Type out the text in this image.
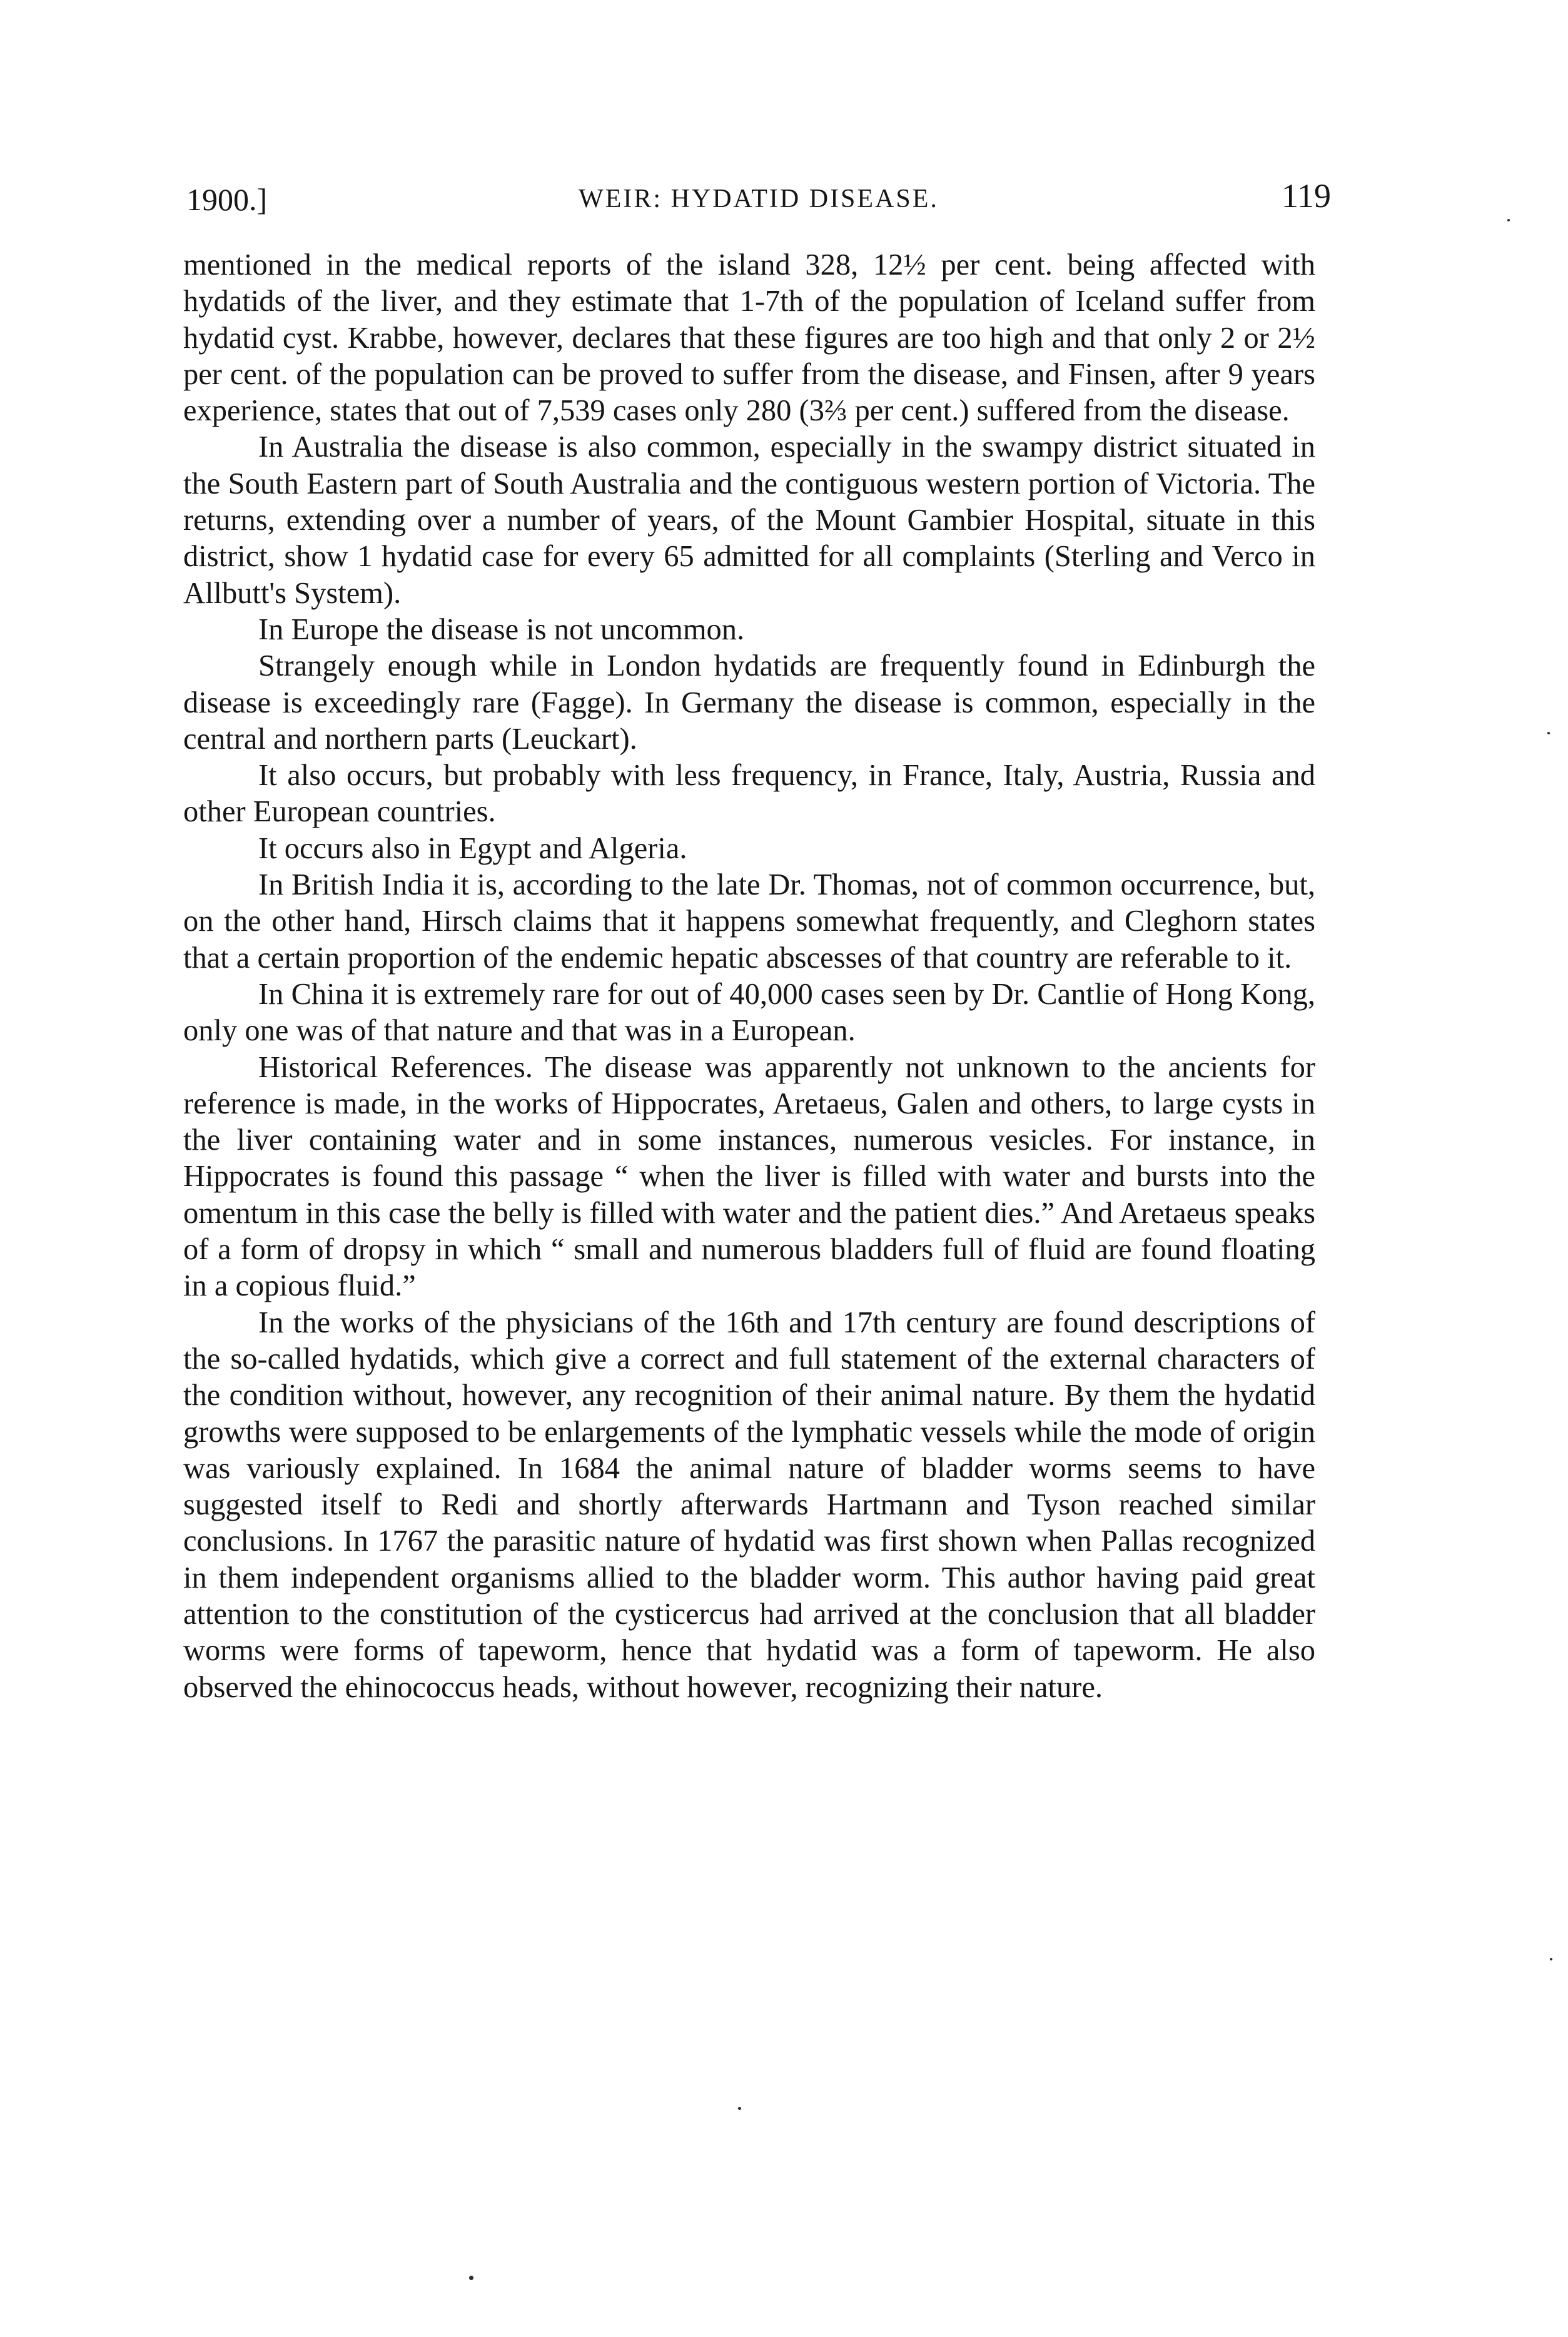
1900.]	WEIR: HYDATID DISEASE.	119

mentioned in the medical reports of the island 328, 12½ per cent. being affected with hydatids of the liver, and they estimate that 1-7th of the population of Iceland suffer from hydatid cyst. Krabbe, however, declares that these figures are too high and that only 2 or 2½ per cent. of the population can be proved to suffer from the disease, and Finsen, after 9 years experience, states that out of 7,539 cases only 280 (3⅔ per cent.) suffered from the disease.

In Australia the disease is also common, especially in the swampy district situated in the South Eastern part of South Australia and the contiguous western portion of Victoria. The returns, extending over a number of years, of the Mount Gambier Hospital, situate in this district, show 1 hydatid case for every 65 admitted for all complaints (Sterling and Verco in Allbutt's System).

In Europe the disease is not uncommon.

Strangely enough while in London hydatids are frequently found in Edinburgh the disease is exceedingly rare (Fagge). In Germany the disease is common, especially in the central and northern parts (Leuckart).

It also occurs, but probably with less frequency, in France, Italy, Austria, Russia and other European countries.

It occurs also in Egypt and Algeria.

In British India it is, according to the late Dr. Thomas, not of common occurrence, but, on the other hand, Hirsch claims that it happens somewhat frequently, and Cleghorn states that a certain proportion of the endemic hepatic abscesses of that country are referable to it.

In China it is extremely rare for out of 40,000 cases seen by Dr. Cantlie of Hong Kong, only one was of that nature and that was in a European.

Historical References. The disease was apparently not unknown to the ancients for reference is made, in the works of Hippocrates, Aretaeus, Galen and others, to large cysts in the liver containing water and in some instances, numerous vesicles. For instance, in Hippocrates is found this passage “ when the liver is filled with water and bursts into the omentum in this case the belly is filled with water and the patient dies.” And Aretaeus speaks of a form of dropsy in which “ small and numerous bladders full of fluid are found floating in a copious fluid.”

In the works of the physicians of the 16th and 17th century are found descriptions of the so-called hydatids, which give a correct and full statement of the external characters of the condition without, however, any recognition of their animal nature. By them the hydatid growths were supposed to be enlargements of the lymphatic vessels while the mode of origin was variously explained. In 1684 the animal nature of bladder worms seems to have suggested itself to Redi and shortly afterwards Hartmann and Tyson reached similar conclusions. In 1767 the parasitic nature of hydatid was first shown when Pallas recognized in them independent organisms allied to the bladder worm. This author having paid great attention to the constitution of the cysticercus had arrived at the conclusion that all bladder worms were forms of tapeworm, hence that hydatid was a form of tapeworm. He also observed the ehinococcus heads, without however, recognizing their nature.
